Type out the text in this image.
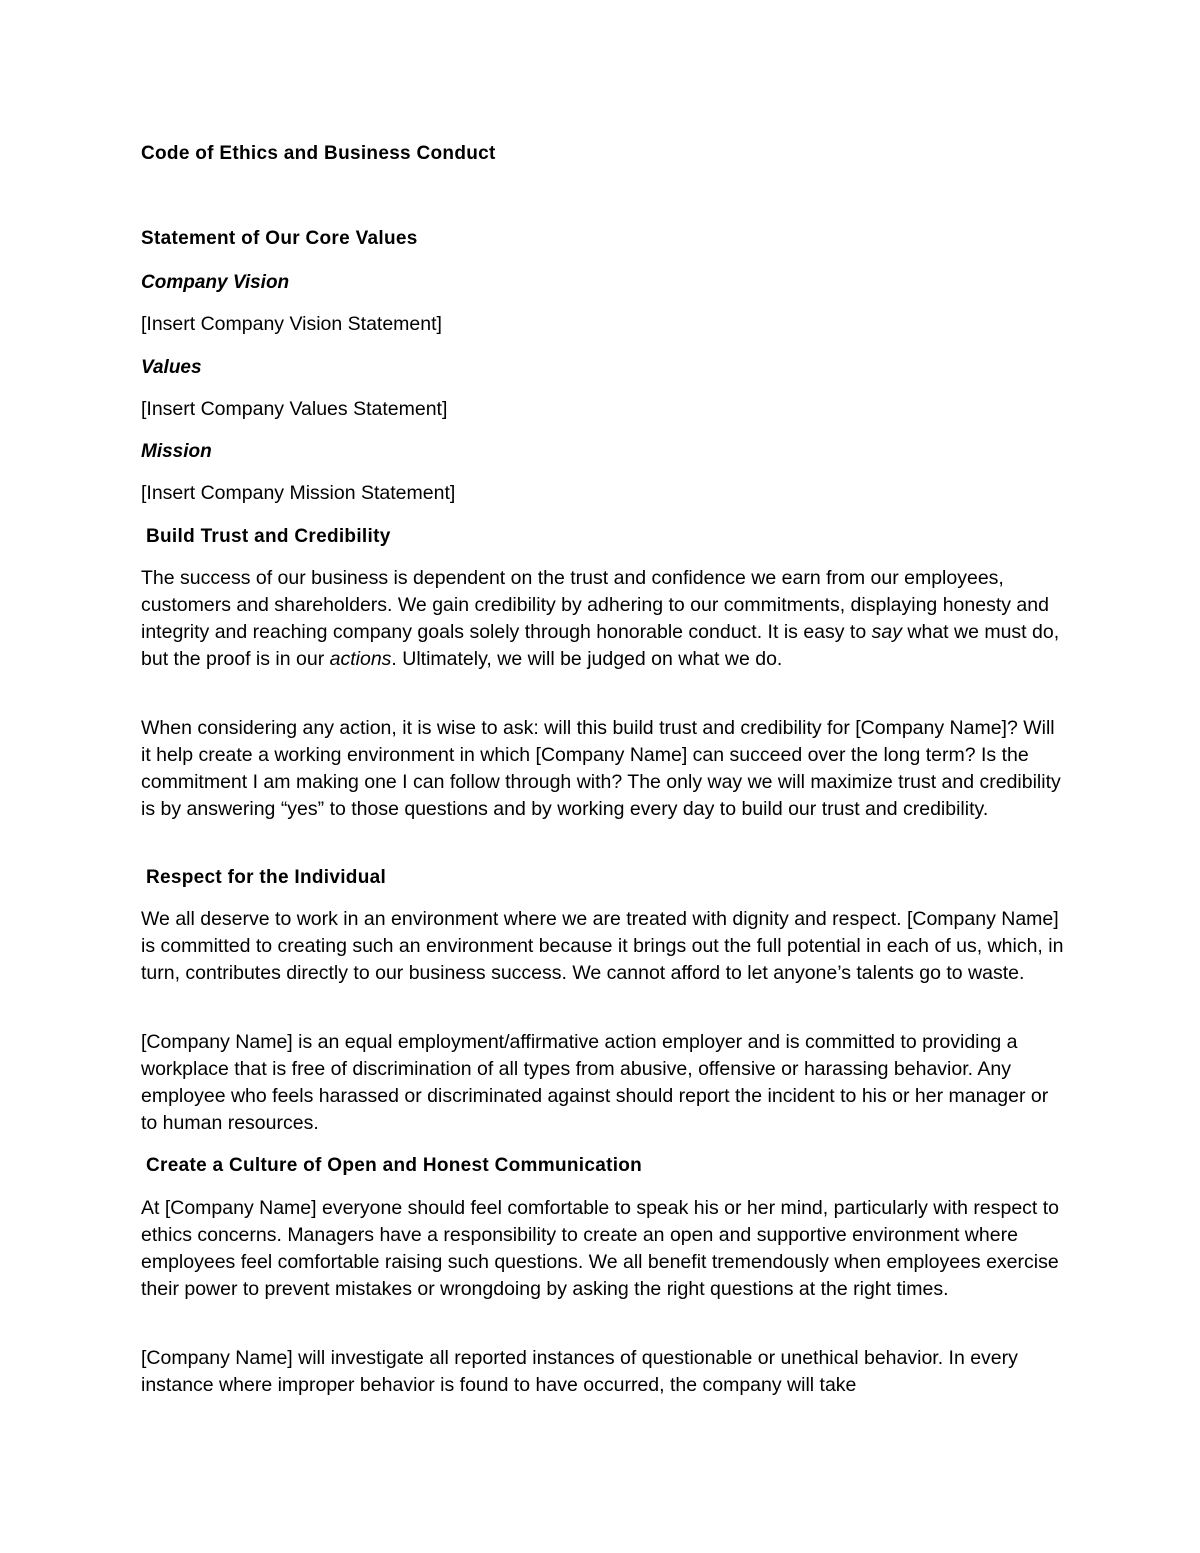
Code of Ethics and Business Conduct
Statement of Our Core Values
Company Vision

[Insert Company Vision Statement]

Values

[Insert Company Values Statement]

Mission

[Insert Company Mission Statement]

Build Trust and Credibility

The success of our business is dependent on the trust and confidence we earn from our employees, customers and shareholders. We gain credibility by adhering to our commitments, displaying honesty and integrity and reaching company goals solely through honorable conduct. It is easy to say what we must do, but the proof is in our actions. Ultimately, we will be judged on what we do.

When considering any action, it is wise to ask: will this build trust and credibility for [Company Name]? Will it help create a working environment in which [Company Name] can succeed over the long term? Is the commitment I am making one I can follow through with? The only way we will maximize trust and credibility is by answering “yes” to those questions and by working every day to build our trust and credibility.

Respect for the Individual

We all deserve to work in an environment where we are treated with dignity and respect. [Company Name] is committed to creating such an environment because it brings out the full potential in each of us, which, in turn, contributes directly to our business success. We cannot afford to let anyone’s talents go to waste.

[Company Name] is an equal employment/affirmative action employer and is committed to providing a workplace that is free of discrimination of all types from abusive, offensive or harassing behavior. Any employee who feels harassed or discriminated against should report the incident to his or her manager or to human resources.

Create a Culture of Open and Honest Communication

At [Company Name] everyone should feel comfortable to speak his or her mind, particularly with respect to ethics concerns. Managers have a responsibility to create an open and supportive environment where employees feel comfortable raising such questions. We all benefit tremendously when employees exercise their power to prevent mistakes or wrongdoing by asking the right questions at the right times.

[Company Name] will investigate all reported instances of questionable or unethical behavior. In every instance where improper behavior is found to have occurred, the company will take
